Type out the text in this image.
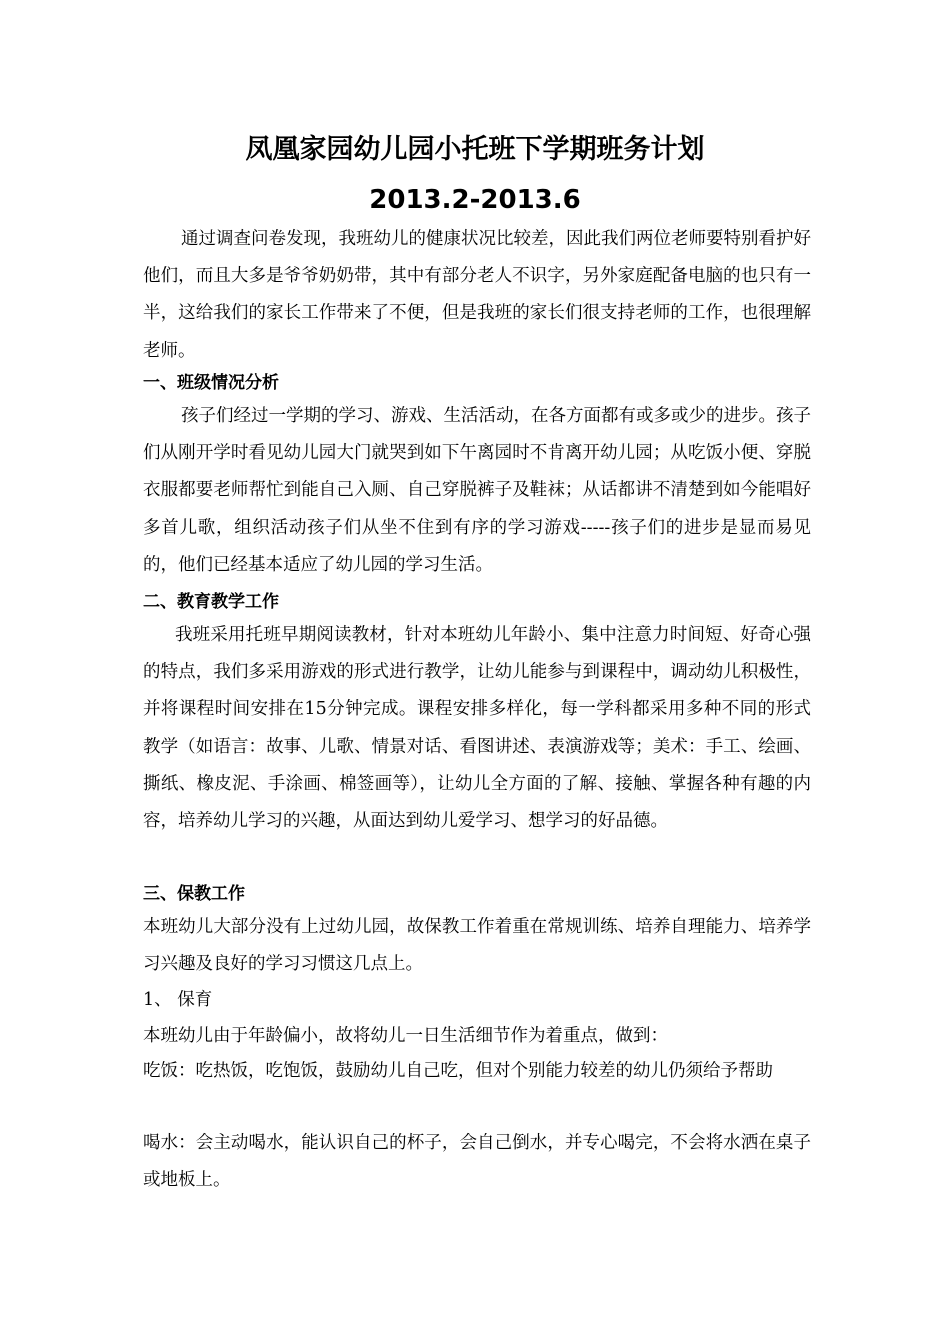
凤凰家园幼儿园小托班下学期班务计划
2013.2-2013.6

通过调查问卷发现，我班幼儿的健康状况比较差，因此我们两位老师要特别看护好他们，而且大多是爷爷奶奶带，其中有部分老人不识字，另外家庭配备电脑的也只有一半，这给我们的家长工作带来了不便，但是我班的家长们很支持老师的工作，也很理解老师。

一、班级情况分析

孩子们经过一学期的学习、游戏、生活活动，在各方面都有或多或少的进步。孩子们从刚开学时看见幼儿园大门就哭到如下午离园时不肯离开幼儿园；从吃饭小便、穿脱衣服都要老师帮忙到能自己入厕、自己穿脱裤子及鞋袜；从话都讲不清楚到如今能唱好多首儿歌，组织活动孩子们从坐不住到有序的学习游戏-----孩子们的进步是显而易见的，他们已经基本适应了幼儿园的学习生活。

二、教育教学工作

我班采用托班早期阅读教材，针对本班幼儿年龄小、集中注意力时间短、好奇心强的特点，我们多采用游戏的形式进行教学，让幼儿能参与到课程中，调动幼儿积极性，并将课程时间安排在15分钟完成。课程安排多样化，每一学科都采用多种不同的形式教学（如语言：故事、儿歌、情景对话、看图讲述、表演游戏等；美术：手工、绘画、撕纸、橡皮泥、手涂画、棉签画等），让幼儿全方面的了解、接触、掌握各种有趣的内容，培养幼儿学习的兴趣，从面达到幼儿爱学习、想学习的好品德。

三、保教工作

本班幼儿大部分没有上过幼儿园，故保教工作着重在常规训练、培养自理能力、培养学习兴趣及良好的学习习惯这几点上。

1、 保育

本班幼儿由于年龄偏小，故将幼儿一日生活细节作为着重点，做到：

吃饭：吃热饭，吃饱饭，鼓励幼儿自己吃，但对个别能力较差的幼儿仍须给予帮助

喝水：会主动喝水，能认识自己的杯子，会自己倒水，并专心喝完，不会将水洒在桌子或地板上。
